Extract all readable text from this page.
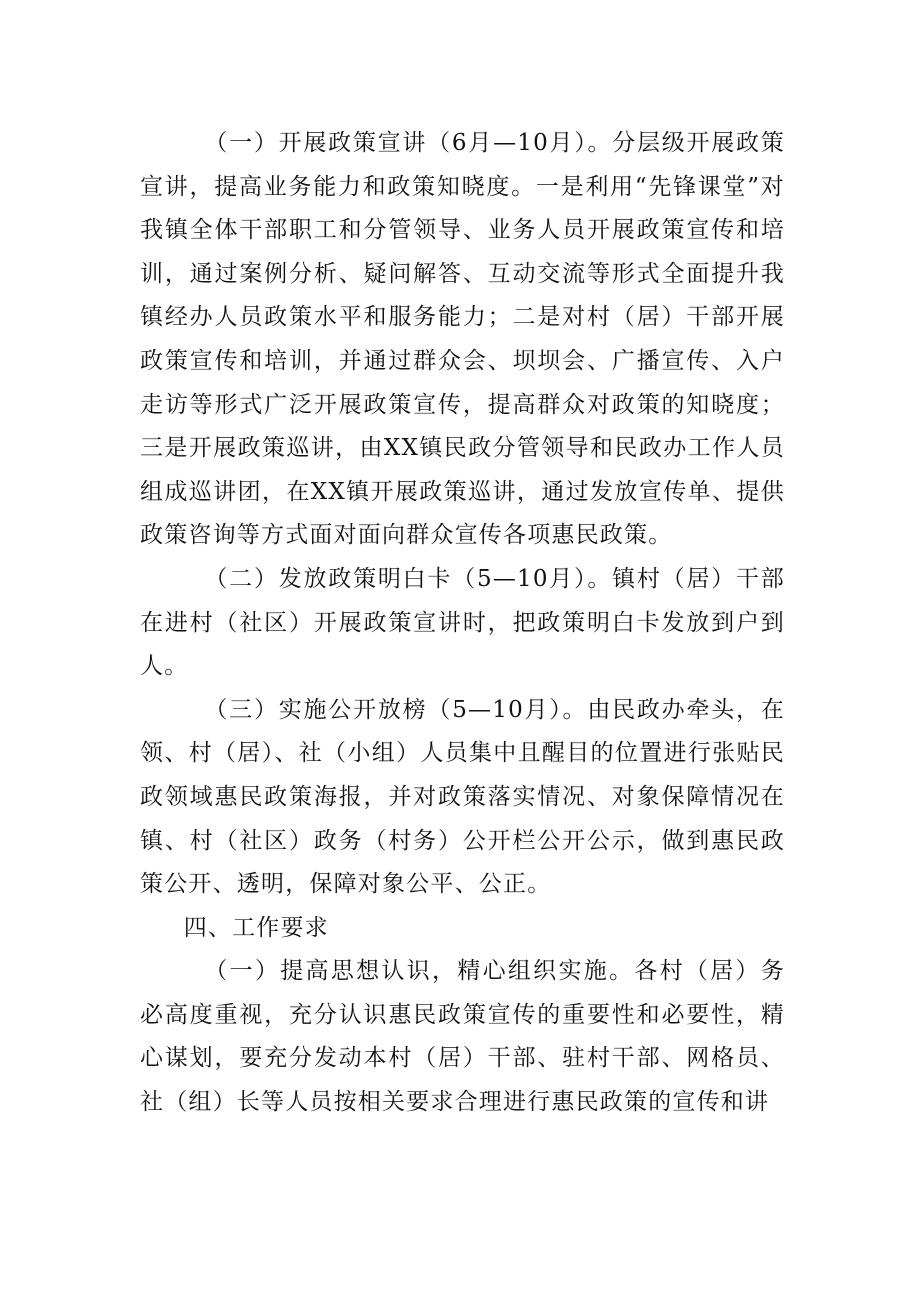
（一）开展政策宣讲（6月—10月）。分层级开展政策宣讲，提高业务能力和政策知晓度。一是利用“先锋课堂”对我镇全体干部职工和分管领导、业务人员开展政策宣传和培训，通过案例分析、疑问解答、互动交流等形式全面提升我镇经办人员政策水平和服务能力；二是对村（居）干部开展政策宣传和培训，并通过群众会、坝坝会、广播宣传、入户走访等形式广泛开展政策宣传，提高群众对政策的知晓度；三是开展政策巡讲，由XX镇民政分管领导和民政办工作人员组成巡讲团，在XX镇开展政策巡讲，通过发放宣传单、提供政策咨询等方式面对面向群众宣传各项惠民政策。

（二）发放政策明白卡（5—10月）。镇村（居）干部在进村（社区）开展政策宣讲时，把政策明白卡发放到户到人。

（三）实施公开放榜（5—10月）。由民政办牵头，在领、村（居）、社（小组）人员集中且醒目的位置进行张贴民政领域惠民政策海报，并对政策落实情况、对象保障情况在镇、村（社区）政务（村务）公开栏公开公示，做到惠民政策公开、透明，保障对象公平、公正。

四、工作要求

（一）提高思想认识，精心组织实施。各村（居）务必高度重视，充分认识惠民政策宣传的重要性和必要性，精心谋划，要充分发动本村（居）干部、驻村干部、网格员、社（组）长等人员按相关要求合理进行惠民政策的宣传和讲
